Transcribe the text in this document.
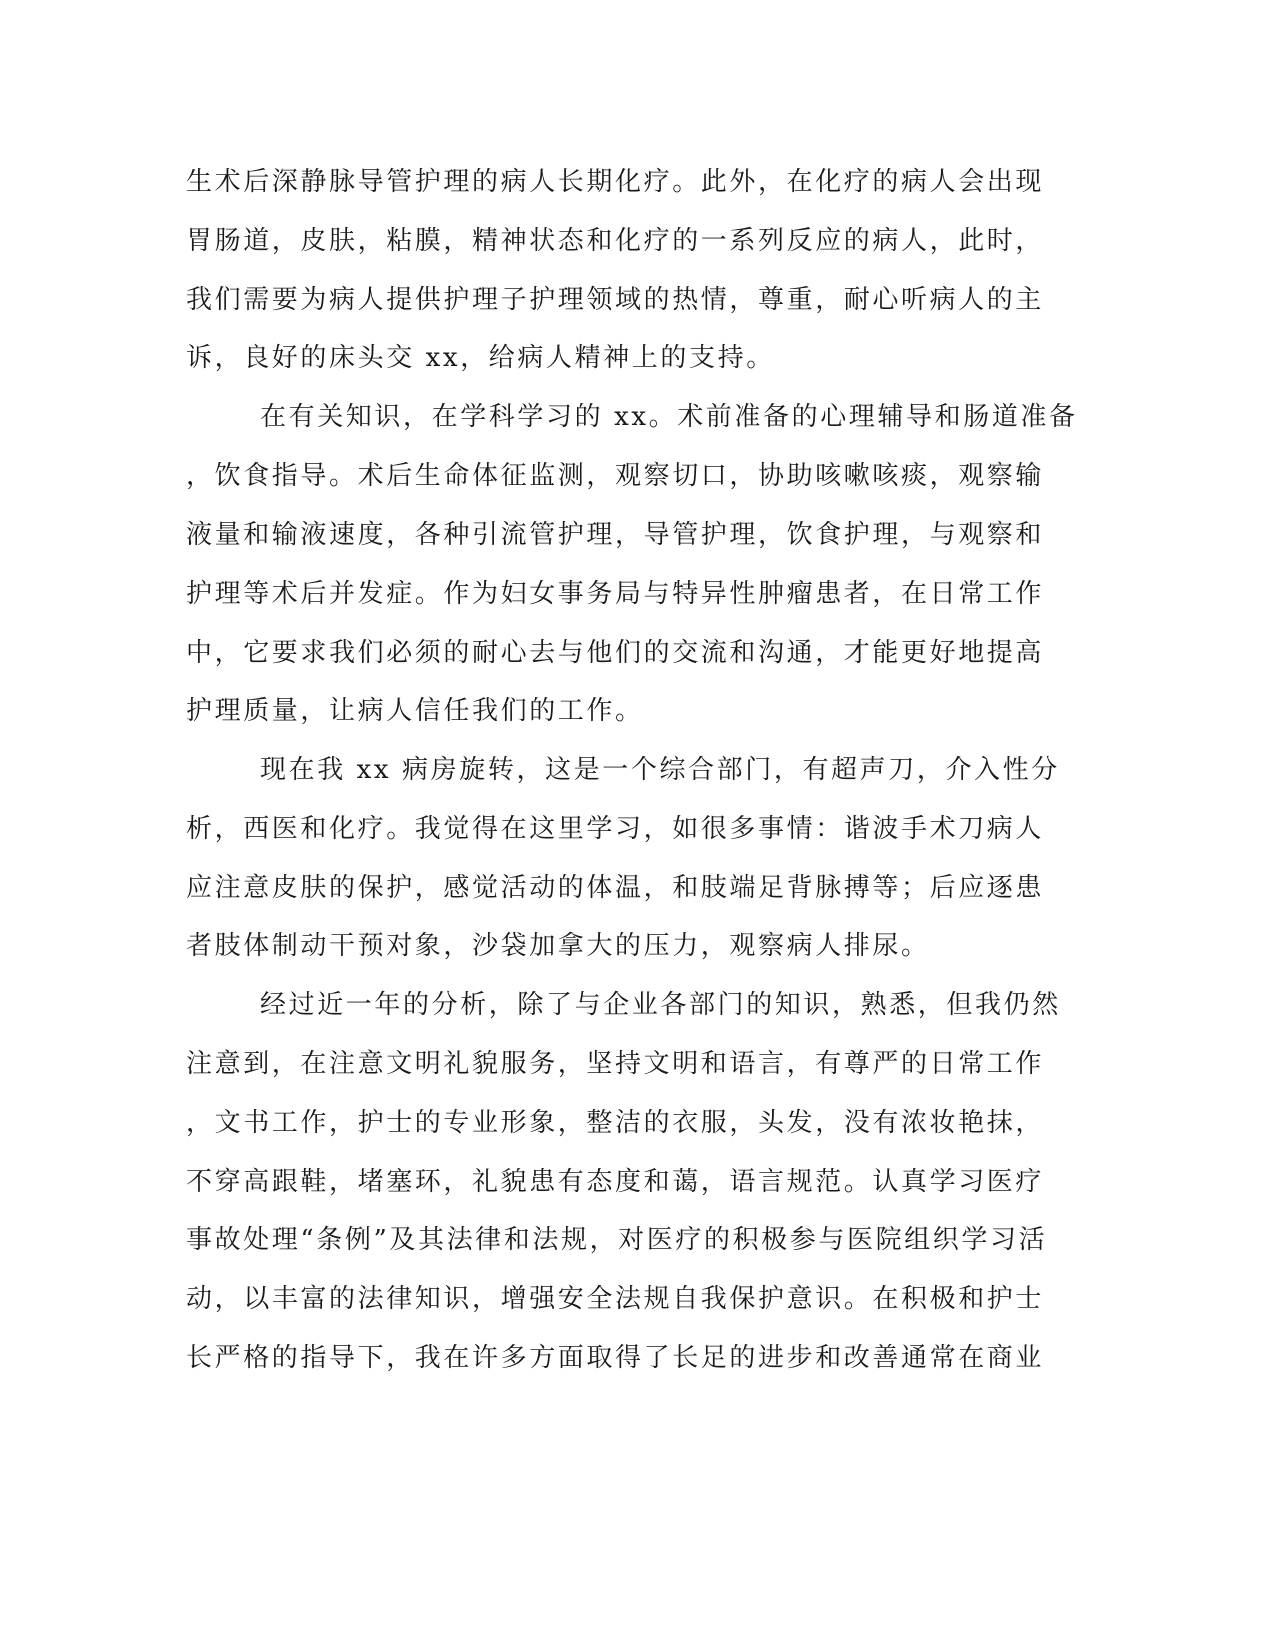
生术后深静脉导管护理的病人长期化疗。此外，在化疗的病人会出现
胃肠道，皮肤，粘膜，精神状态和化疗的一系列反应的病人，此时，
我们需要为病人提供护理子护理领域的热情，尊重，耐心听病人的主
诉，良好的床头交 xx，给病人精神上的支持。
在有关知识，在学科学习的 xx。术前准备的心理辅导和肠道准备
，饮食指导。术后生命体征监测，观察切口，协助咳嗽咳痰，观察输
液量和输液速度，各种引流管护理，导管护理，饮食护理，与观察和
护理等术后并发症。作为妇女事务局与特异性肿瘤患者，在日常工作
中，它要求我们必须的耐心去与他们的交流和沟通，才能更好地提高
护理质量，让病人信任我们的工作。
现在我 xx 病房旋转，这是一个综合部门，有超声刀，介入性分
析，西医和化疗。我觉得在这里学习，如很多事情：谐波手术刀病人
应注意皮肤的保护，感觉活动的体温，和肢端足背脉搏等；后应逐患
者肢体制动干预对象，沙袋加拿大的压力，观察病人排尿。
经过近一年的分析，除了与企业各部门的知识，熟悉，但我仍然
注意到，在注意文明礼貌服务，坚持文明和语言，有尊严的日常工作
，文书工作，护士的专业形象，整洁的衣服，头发，没有浓妆艳抹，
不穿高跟鞋，堵塞环，礼貌患有态度和蔼，语言规范。认真学习医疗
事故处理“条例”及其法律和法规，对医疗的积极参与医院组织学习活
动，以丰富的法律知识，增强安全法规自我保护意识。在积极和护士
长严格的指导下，我在许多方面取得了长足的进步和改善通常在商业
